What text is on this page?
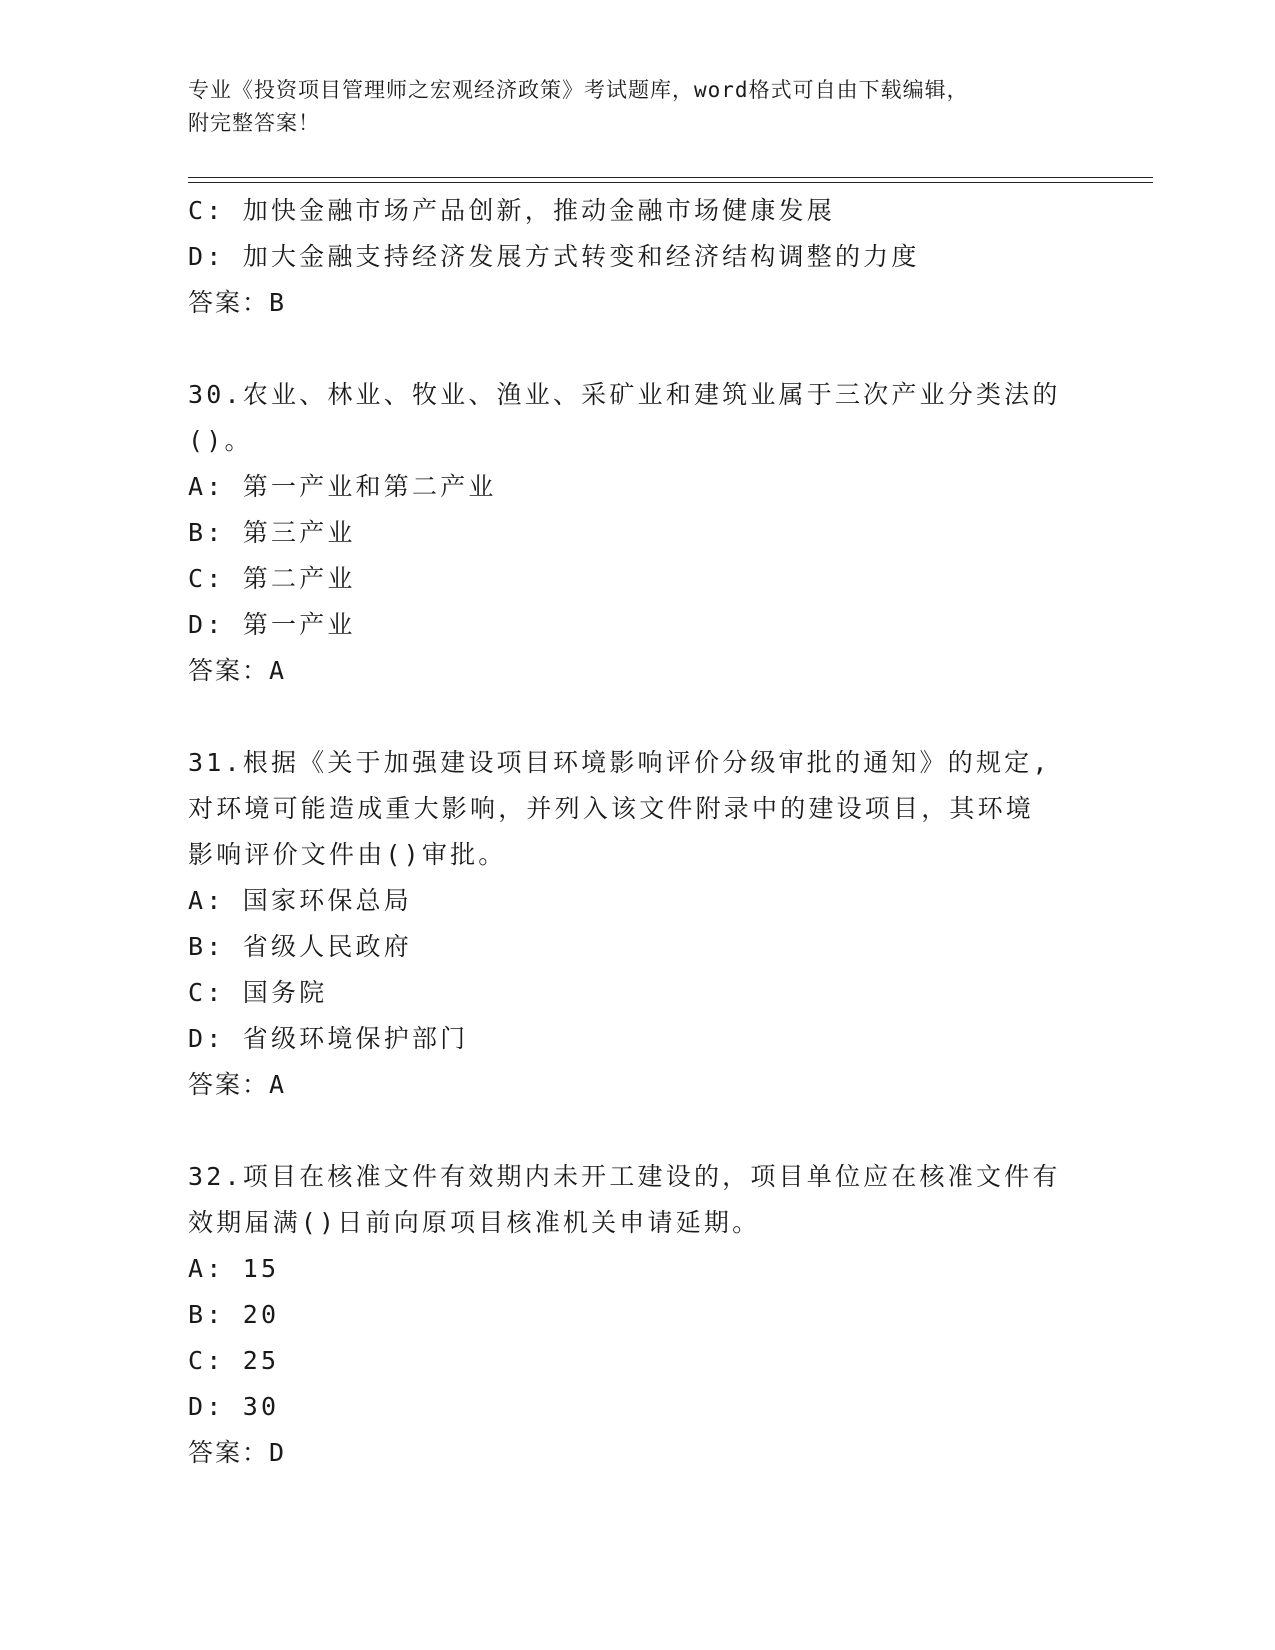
专业《投资项目管理师之宏观经济政策》考试题库，word格式可自由下载编辑，
附完整答案！
C: 加快金融市场产品创新，推动金融市场健康发展
D: 加大金融支持经济发展方式转变和经济结构调整的力度
答案：B
30.农业、林业、牧业、渔业、采矿业和建筑业属于三次产业分类法的
()。
A: 第一产业和第二产业
B: 第三产业
C: 第二产业
D: 第一产业
答案：A
31.根据《关于加强建设项目环境影响评价分级审批的通知》的规定,
对环境可能造成重大影响，并列入该文件附录中的建设项目，其环境
影响评价文件由()审批。
A: 国家环保总局
B: 省级人民政府
C: 国务院
D: 省级环境保护部门
答案：A
32.项目在核准文件有效期内未开工建设的，项目单位应在核准文件有
效期届满()日前向原项目核准机关申请延期。
A: 15
B: 20
C: 25
D: 30
答案：D
